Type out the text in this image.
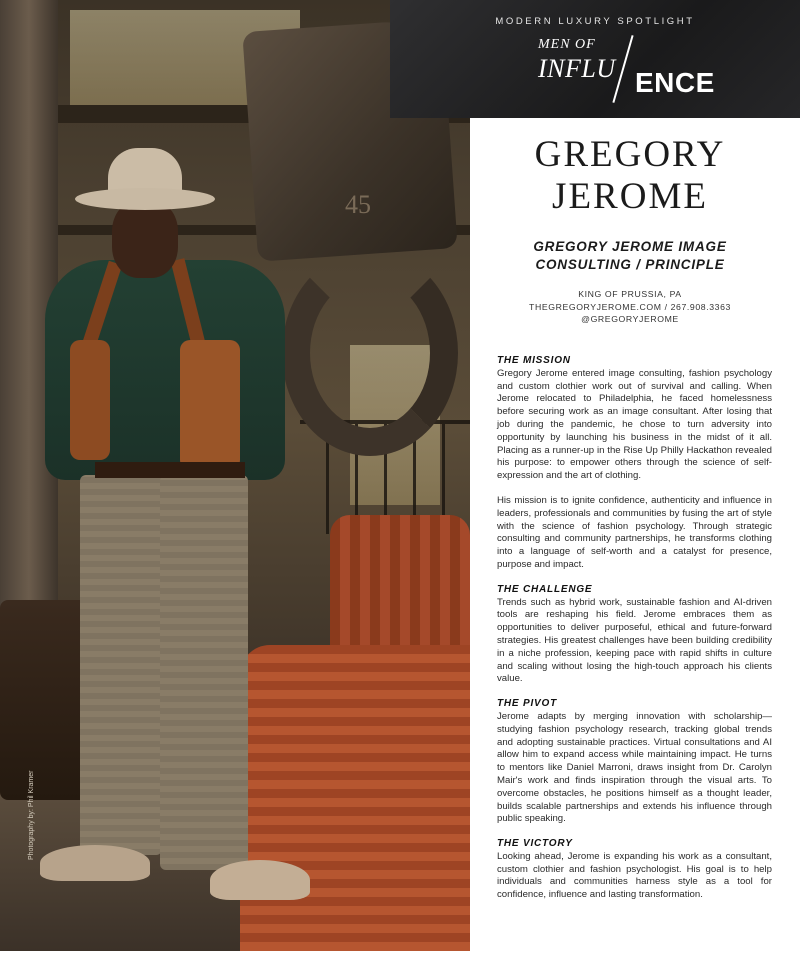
45
Photography by: Phil Kramer
MODERN LUXURY SPOTLIGHT
MEN OF
INFLU ENCE
GREGORY
JEROME
GREGORY JEROME IMAGE
CONSULTING / PRINCIPLE
KING OF PRUSSIA, PA
THEGREGORYJEROME.COM / 267.908.3363
@GREGORYJEROME
THE MISSION

Gregory Jerome entered image consulting, fashion psychology and custom clothier work out of survival and calling. When Jerome relocated to Philadelphia, he faced homelessness before securing work as an image consultant. After losing that job during the pandemic, he chose to turn adversity into opportunity by launching his business in the midst of it all. Placing as a runner-up in the Rise Up Philly Hackathon revealed his purpose: to empower others through the science of self-expression and the art of clothing.

His mission is to ignite confidence, authenticity and influence in leaders, professionals and communities by fusing the art of style with the science of fashion psychology. Through strategic consulting and community partnerships, he transforms clothing into a language of self-worth and a catalyst for presence, purpose and impact.

THE CHALLENGE

Trends such as hybrid work, sustainable fashion and AI-driven tools are reshaping his field. Jerome embraces them as opportunities to deliver purposeful, ethical and future-forward strategies. His greatest challenges have been building credibility in a niche profession, keeping pace with rapid shifts in culture and scaling without losing the high-touch approach his clients value.

THE PIVOT

Jerome adapts by merging innovation with scholarship—studying fashion psychology research, tracking global trends and adopting sustainable practices. Virtual consultations and AI allow him to expand access while maintaining impact. He turns to mentors like Daniel Marroni, draws insight from Dr. Carolyn Mair's work and finds inspiration through the visual arts. To overcome obstacles, he positions himself as a thought leader, builds scalable partnerships and extends his influence through public speaking.

THE VICTORY

Looking ahead, Jerome is expanding his work as a consultant, custom clothier and fashion psychologist. His goal is to help individuals and communities harness style as a tool for confidence, influence and lasting transformation.
